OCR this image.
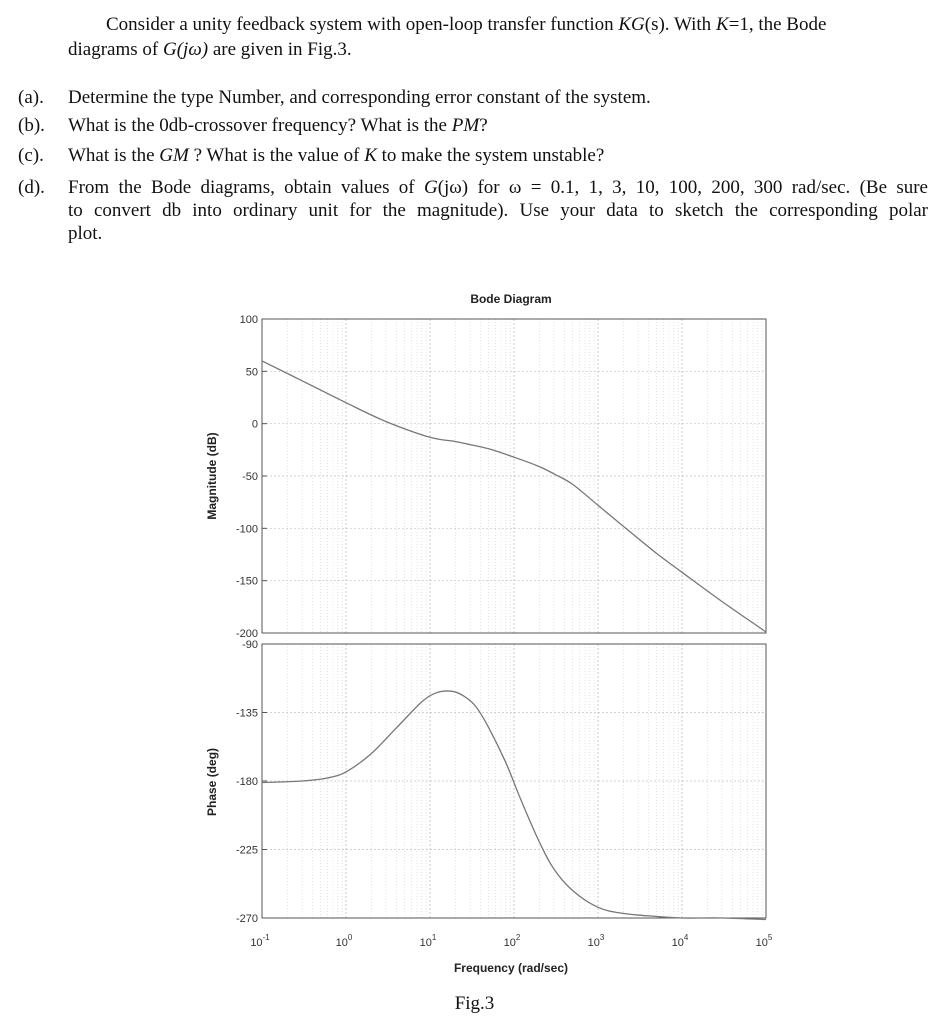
Consider a unity feedback system with open-loop transfer function KG(s). With K=1, the Bode
diagrams of G(jω) are given in Fig.3.
(a).	Determine the type Number, and corresponding error constant of the system.
(b).	What is the 0db-crossover frequency? What is the PM?
(c).	What is the GM ? What is the value of K to make the system unstable?
(d).	From the Bode diagrams, obtain values of G(jω) for ω = 0.1, 1, 3, 10, 100, 200, 300 rad/sec. (Be sure
to convert db into ordinary unit for the magnitude). Use your data to sketch the corresponding polar
plot.
Bode Diagram
100
50
0
-50
-100
-150
-200
Magnitude (dB)
-90
-135
-180
-225
-270
Phase (deg)
$10^{-1}$	$10^0$	$10^1$	$10^2$	$10^3$	$10^4$	$10^5$
Frequency (rad/sec)
Fig.3
